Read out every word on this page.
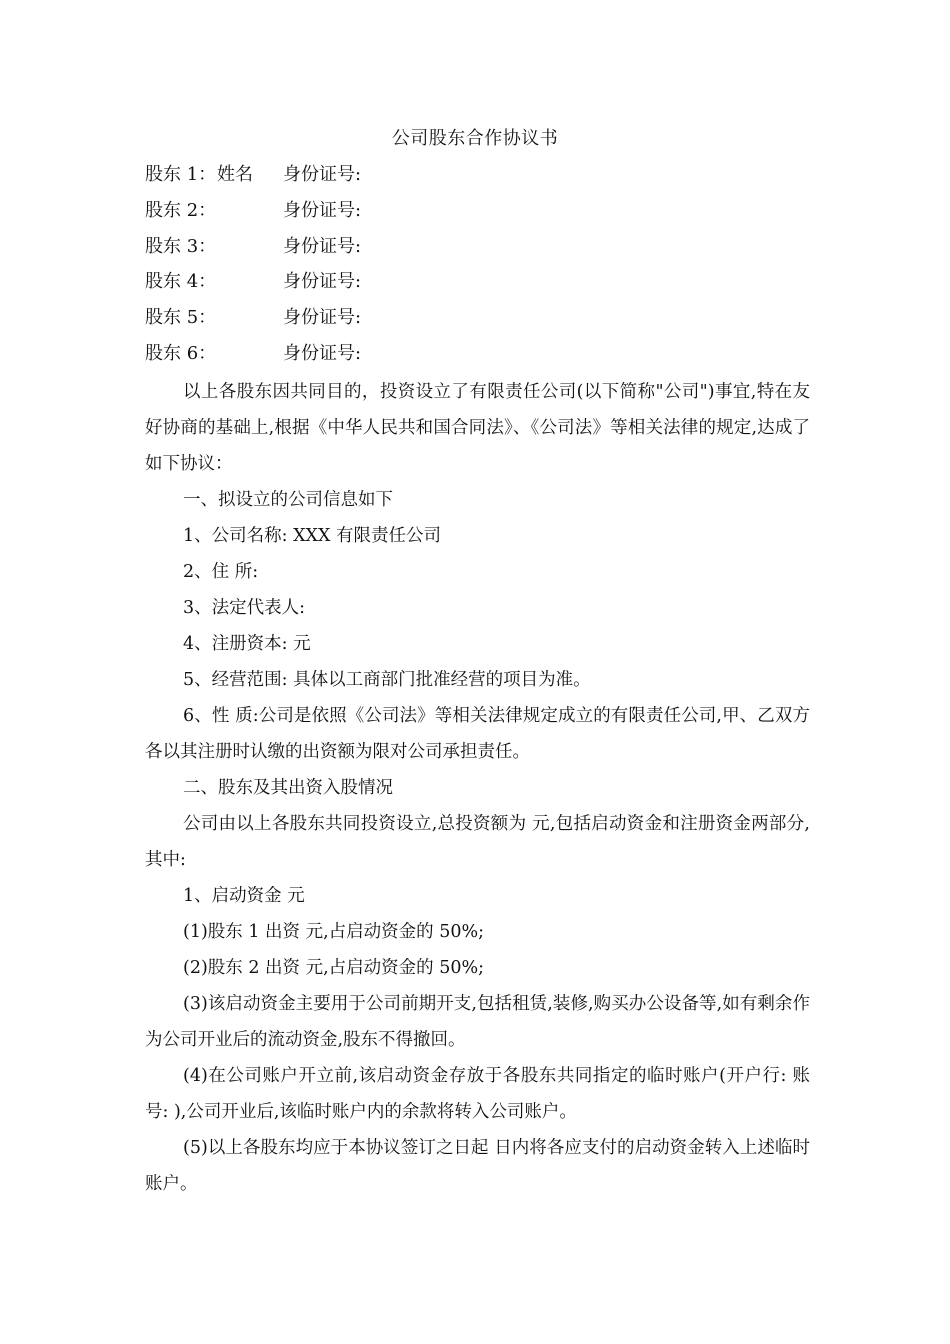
公司股东合作协议书
股东 1： 姓名 身份证号:
股东 2：	身份证号:
股东 3：	身份证号:
股东 4：	身份证号:
股东 5：	身份证号:
股东 6：	身份证号:

以上各股东因共同目的，投资设立了有限责任公司(以下简称"公司")事宜,特在友好协商的基础上,根据《中华人民共和国合同法》、《公司法》等相关法律的规定,达成了如下协议：

一、拟设立的公司信息如下

1、公司名称: XXX 有限责任公司

2、住 所:

3、法定代表人:

4、注册资本: 元

5、经营范围: 具体以工商部门批准经营的项目为准。

6、性 质:公司是依照《公司法》等相关法律规定成立的有限责任公司,甲、乙双方各以其注册时认缴的出资额为限对公司承担责任。

二、股东及其出资入股情况

公司由以上各股东共同投资设立,总投资额为 元,包括启动资金和注册资金两部分,其中:

1、启动资金 元

(1)股东 1 出资 元,占启动资金的 50%;

(2)股东 2 出资 元,占启动资金的 50%;

(3)该启动资金主要用于公司前期开支,包括租赁,装修,购买办公设备等,如有剩余作为公司开业后的流动资金,股东不得撤回。

(4)在公司账户开立前,该启动资金存放于各股东共同指定的临时账户(开户行: 账号: ),公司开业后,该临时账户内的余款将转入公司账户。

(5)以上各股东均应于本协议签订之日起 日内将各应支付的启动资金转入上述临时账户。
